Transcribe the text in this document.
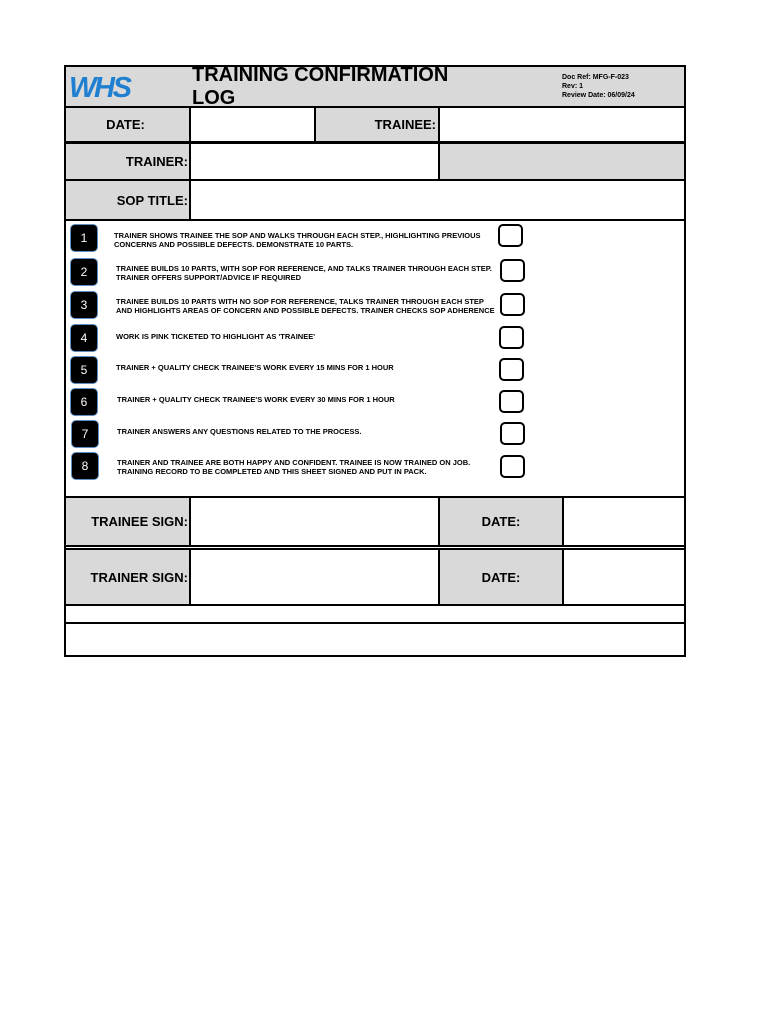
WHS	TRAINING CONFIRMATION LOG
Doc Ref: MFG-F-023
Rev: 1
Review Date: 06/09/24
DATE:	TRAINEE:
TRAINER:
SOP TITLE:
1	TRAINER SHOWS TRAINEE THE SOP AND WALKS THROUGH EACH STEP., HIGHLIGHTING PREVIOUS
CONCERNS AND POSSIBLE DEFECTS. DEMONSTRATE 10 PARTS.
2	TRAINEE BUILDS 10 PARTS, WITH SOP FOR REFERENCE, AND TALKS TRAINER THROUGH EACH STEP.
TRAINER OFFERS SUPPORT/ADVICE IF REQUIRED
3	TRAINEE BUILDS 10 PARTS WITH NO SOP FOR REFERENCE, TALKS TRAINER THROUGH EACH STEP
AND HIGHLIGHTS AREAS OF CONCERN AND POSSIBLE DEFECTS. TRAINER CHECKS SOP ADHERENCE
4	WORK IS PINK TICKETED TO HIGHLIGHT AS 'TRAINEE'
5	TRAINER + QUALITY CHECK TRAINEE'S WORK EVERY 15 MINS FOR 1 HOUR
6	TRAINER + QUALITY CHECK TRAINEE'S WORK EVERY 30 MINS FOR 1 HOUR
7	TRAINER ANSWERS ANY QUESTIONS RELATED TO THE PROCESS.
8	TRAINER AND TRAINEE ARE BOTH HAPPY AND CONFIDENT. TRAINEE IS NOW TRAINED ON JOB.
TRAINING RECORD TO BE COMPLETED AND THIS SHEET SIGNED AND PUT IN PACK.
TRAINEE SIGN:	DATE:
TRAINER SIGN:	DATE:
